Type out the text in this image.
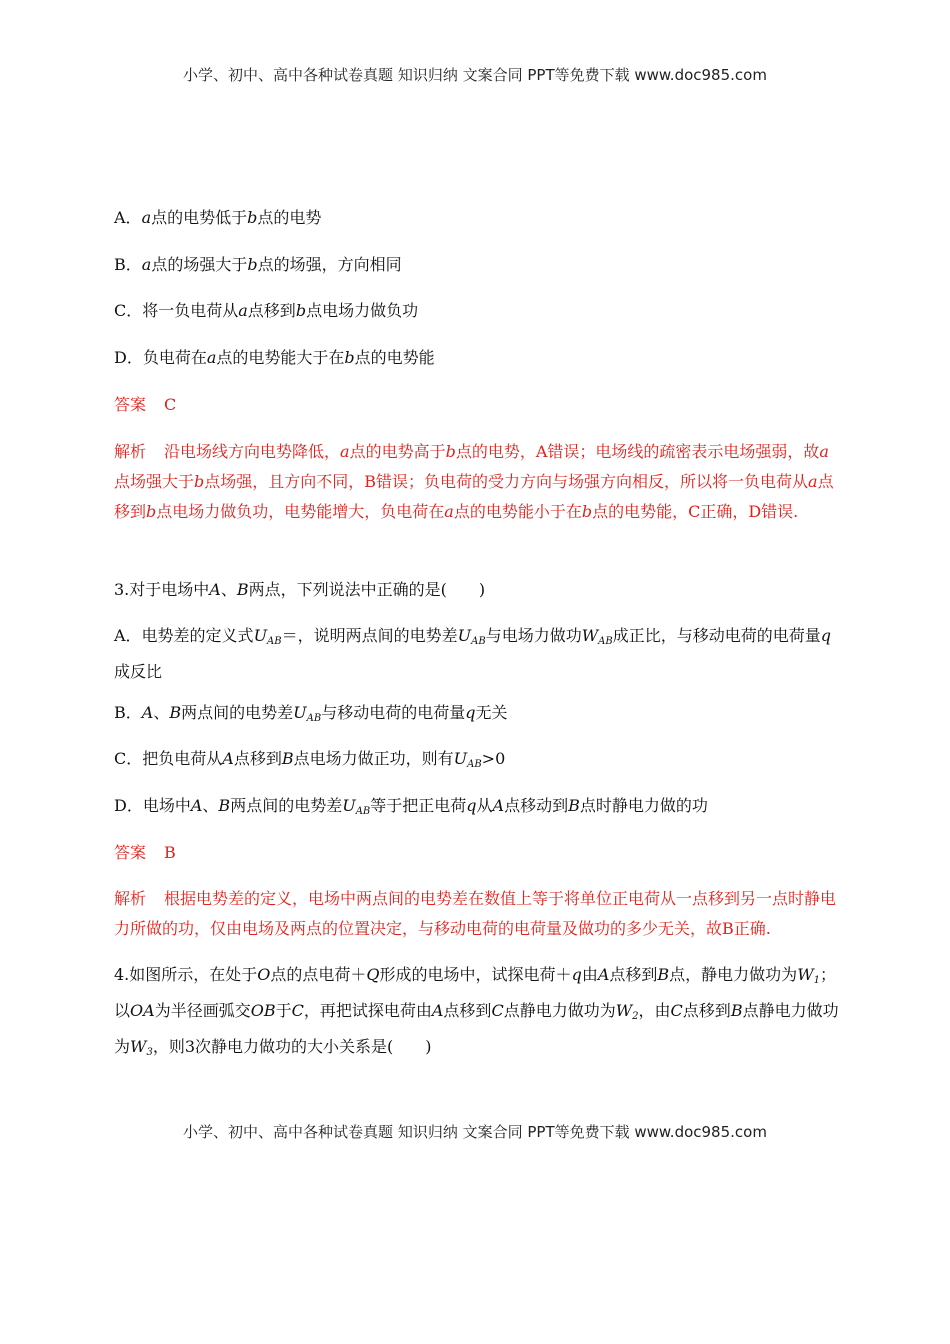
小学、初中、高中各种试卷真题 知识归纳 文案合同 PPT等免费下载 www.doc985.com
A．a点的电势低于b点的电势
B．a点的场强大于b点的场强，方向相同
C．将一负电荷从a点移到b点电场力做负功
D．负电荷在a点的电势能大于在b点的电势能
答案 C
解析 沿电场线方向电势降低，a点的电势高于b点的电势，A错误；电场线的疏密表示电场强弱，故a点场强大于b点场强，且方向不同，B错误；负电荷的受力方向与场强方向相反，所以将一负电荷从a点移到b点电场力做负功，电势能增大，负电荷在a点的电势能小于在b点的电势能，C正确，D错误.
3.对于电场中A、B两点，下列说法中正确的是(　　)
A．电势差的定义式$U_{AB}=$，说明两点间的电势差$U_{AB}$与电场力做功$W_{AB}$成正比，与移动电荷的电荷量q成反比
B．A、B两点间的电势差$U_{AB}$与移动电荷的电荷量q无关
C．把负电荷从A点移到B点电场力做正功，则有$U_{AB}>0$
D．电场中A、B两点间的电势差$U_{AB}$等于把正电荷q从A点移动到B点时静电力做的功
答案 B
解析 根据电势差的定义，电场中两点间的电势差在数值上等于将单位正电荷从一点移到另一点时静电力所做的功，仅由电场及两点的位置决定，与移动电荷的电荷量及做功的多少无关，故B正确.
4.如图所示，在处于O点的点电荷＋Q形成的电场中，试探电荷＋q由A点移到B点，静电力做功为$W_1$；以OA为半径画弧交OB于C，再把试探电荷由A点移到C点静电力做功为$W_2$，由C点移到B点静电力做功为$W_3$，则3次静电力做功的大小关系是(　　)
小学、初中、高中各种试卷真题 知识归纳 文案合同 PPT等免费下载 www.doc985.com
